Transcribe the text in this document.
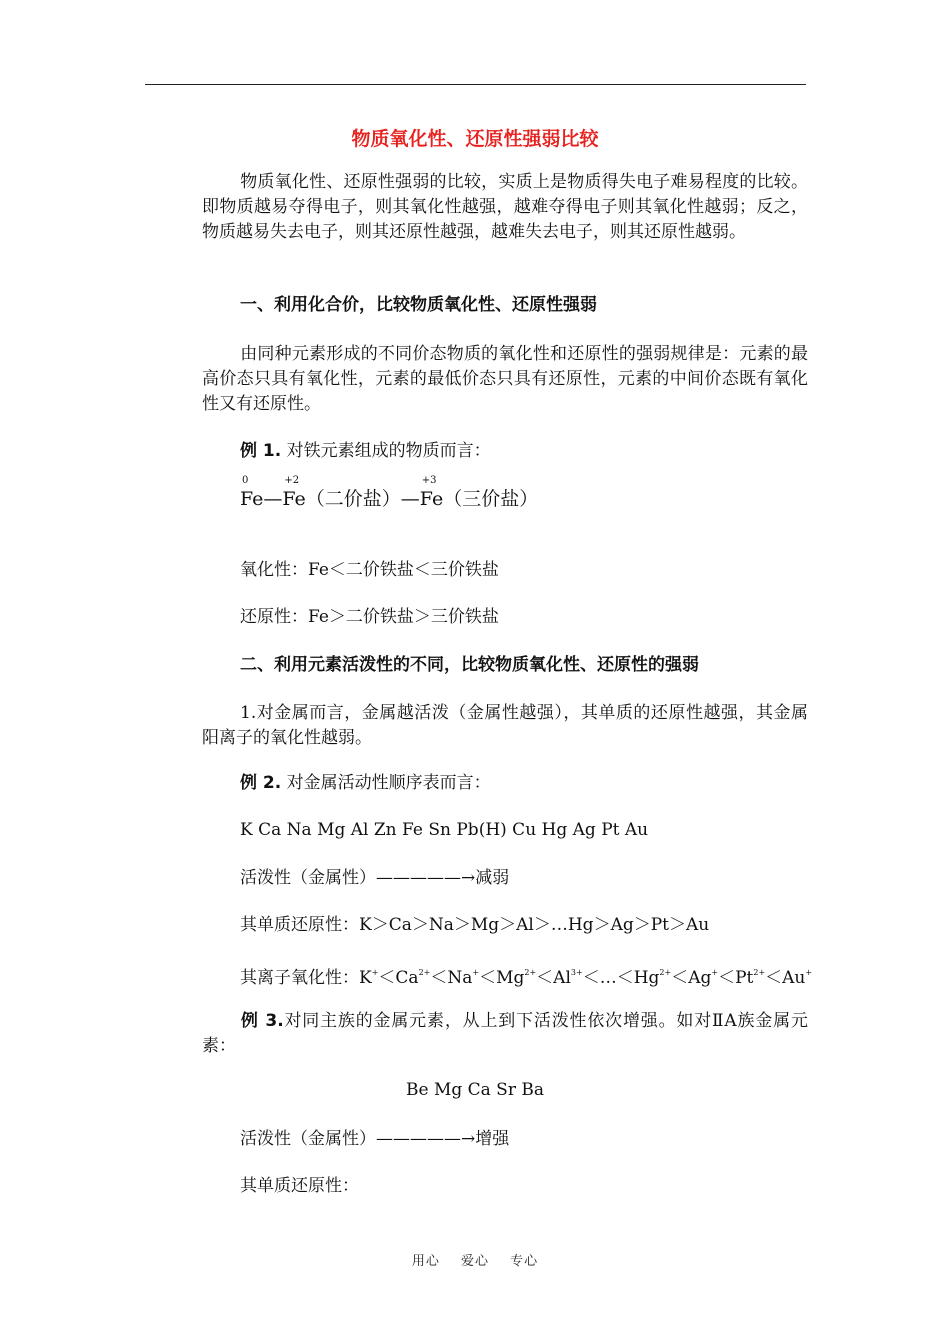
物质氧化性、还原性强弱比较
物质氧化性、还原性强弱的比较，实质上是物质得失电子难易程度的比较。即物质越易夺得电子，则其氧化性越强，越难夺得电子则其氧化性越弱；反之，物质越易失去电子，则其还原性越强，越难失去电子，则其还原性越弱。
一、利用化合价，比较物质氧化性、还原性强弱
由同种元素形成的不同价态物质的氧化性和还原性的强弱规律是：元素的最高价态只具有氧化性，元素的最低价态只具有还原性，元素的中间价态既有氧化性又有还原性。
例 1. 对铁元素组成的物质而言：
0
Fe—
+2
Fe（二价盐）—
+3
Fe（三价盐）
氧化性：Fe＜二价铁盐＜三价铁盐
还原性：Fe＞二价铁盐＞三价铁盐
二、利用元素活泼性的不同，比较物质氧化性、还原性的强弱
1.对金属而言，金属越活泼（金属性越强），其单质的还原性越强，其金属阳离子的氧化性越弱。
例 2. 对金属活动性顺序表而言：
K Ca Na Mg Al Zn Fe Sn Pb(H) Cu Hg Ag Pt Au
活泼性（金属性）—————→减弱
其单质还原性：K＞Ca＞Na＞Mg＞Al＞…Hg＞Ag＞Pt＞Au
其离子氧化性：$K^+<Ca^{2+}<Na^+<Mg^{2+}<Al^{3+}<\dots<Hg^{2+}<Ag^+<Pt^{2+}<Au^+$
例 3.对同主族的金属元素，从上到下活泼性依次增强。如对ⅡA族金属元素：
Be Mg Ca Sr Ba
活泼性（金属性）—————→增强
其单质还原性：
用心 爱心 专心
